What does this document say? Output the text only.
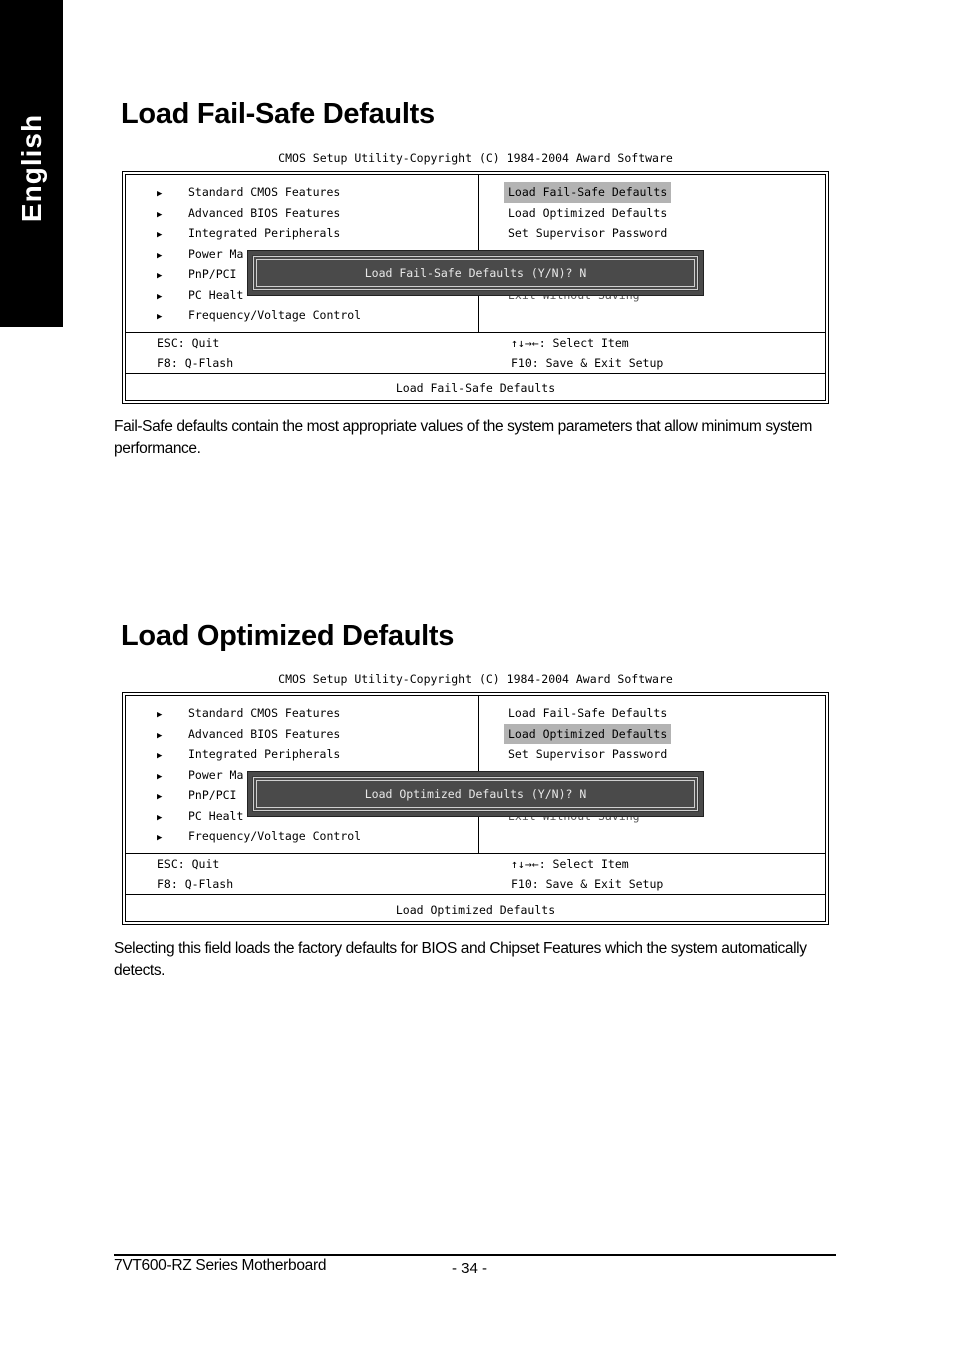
English	Load Fail-Safe Defaults
CMOS Setup Utility-Copyright (C) 1984-2004 Award Software
▶ Standard CMOS Features
▶ Advanced BIOS Features
▶ Integrated Peripherals
▶ Power Ma
▶ PnP/PCI
▶ PC Healt
▶ Frequency/Voltage Control
Load Fail-Safe Defaults
Load Optimized Defaults
Set Supervisor Password
ESC: Quit
F8: Q-Flash
↑↓→←: Select Item
F10: Save & Exit Setup
Load Fail-Safe Defaults
Load Fail-Safe Defaults (Y/N)? N

Fail-Safe defaults contain the most appropriate values of the system parameters that allow minimum system performance.

Load Optimized Defaults
CMOS Setup Utility-Copyright (C) 1984-2004 Award Software
▶ Standard CMOS Features
▶ Advanced BIOS Features
▶ Integrated Peripherals
▶ Power Ma
▶ PnP/PCI
▶ PC Healt
▶ Frequency/Voltage Control
Load Fail-Safe Defaults
Load Optimized Defaults
Set Supervisor Password
ESC: Quit
F8: Q-Flash
↑↓→←: Select Item
F10: Save & Exit Setup
Load Optimized Defaults
Load Optimized Defaults (Y/N)? N

Selecting this field loads the factory defaults for BIOS and Chipset Features which the system automatically detects.

7VT600-RZ Series Motherboard	- 34 -
